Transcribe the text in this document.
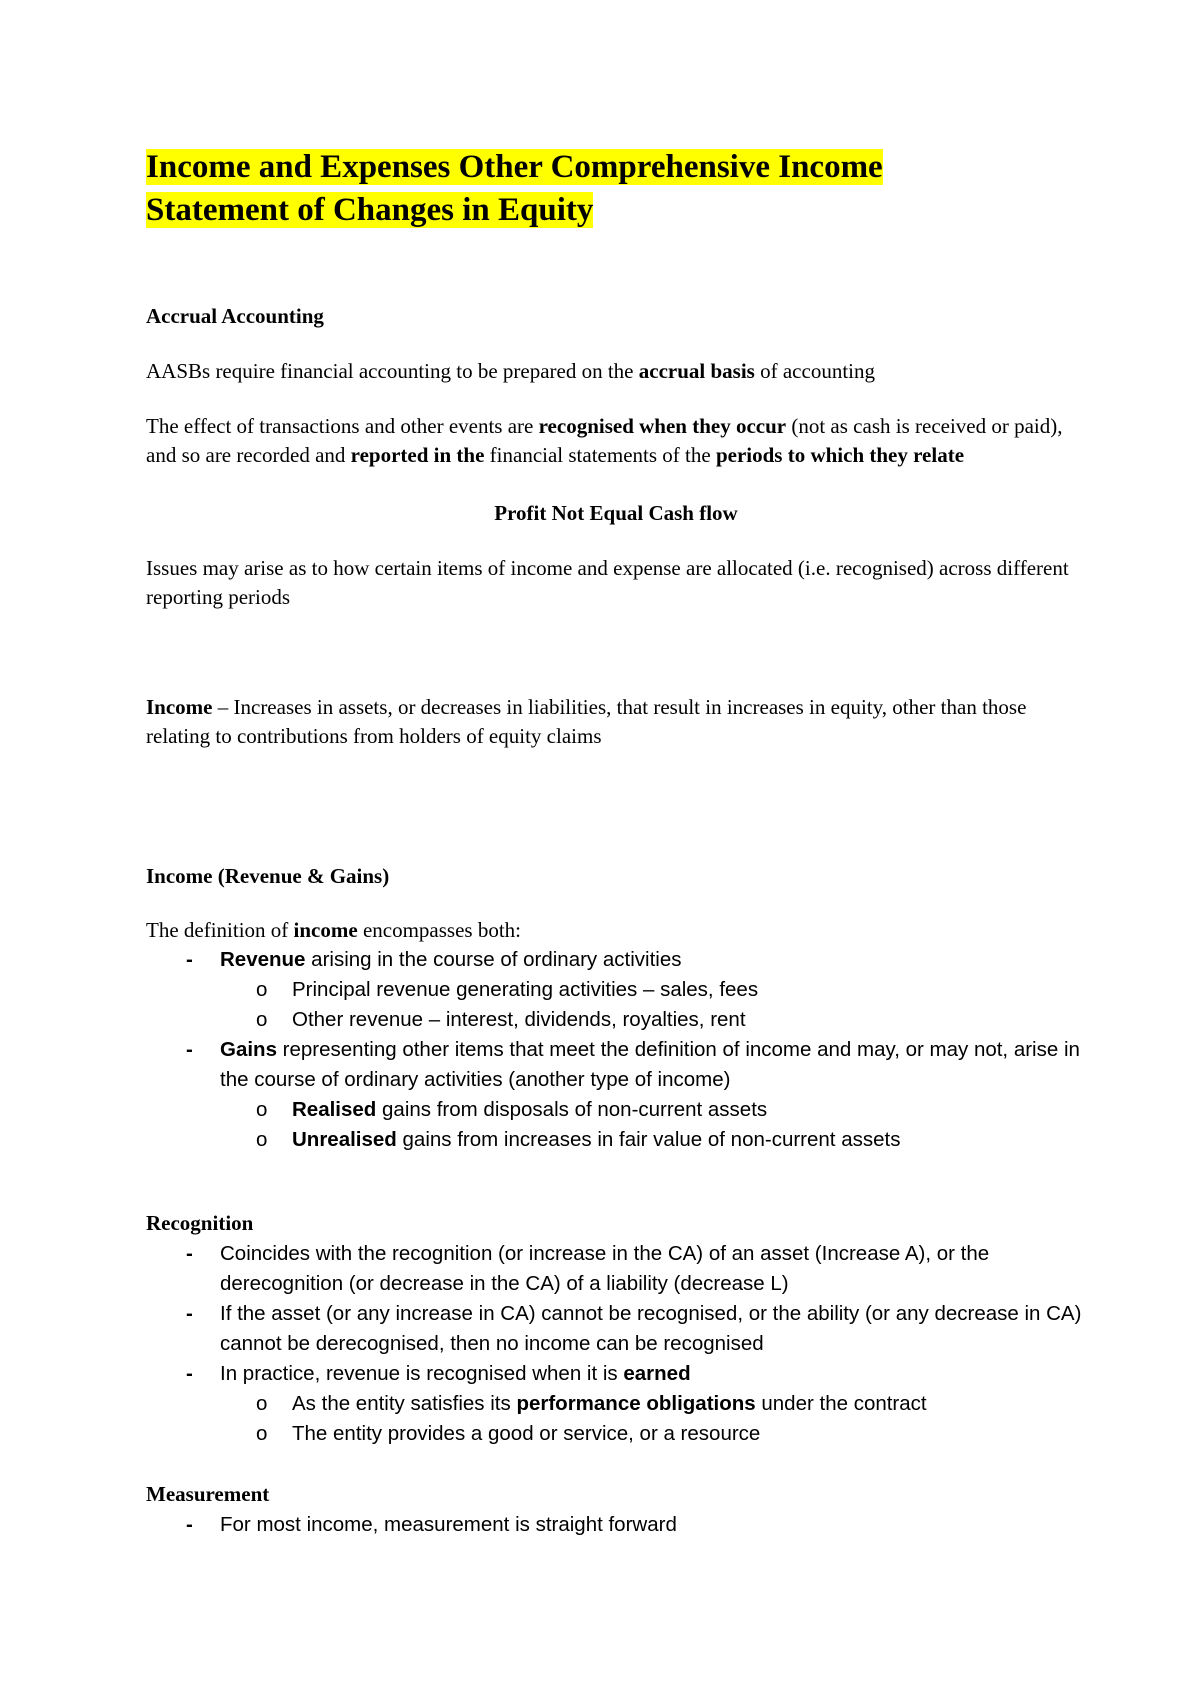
Income and Expenses Other Comprehensive Income
Statement of Changes in Equity
Accrual Accounting
AASBs require financial accounting to be prepared on the accrual basis of accounting
The effect of transactions and other events are recognised when they occur (not as cash is received or paid), and so are recorded and reported in the financial statements of the periods to which they relate
Profit Not Equal Cash flow
Issues may arise as to how certain items of income and expense are allocated (i.e. recognised) across different reporting periods
Income – Increases in assets, or decreases in liabilities, that result in increases in equity, other than those relating to contributions from holders of equity claims
Income (Revenue & Gains)
The definition of income encompasses both:
- Revenue arising in the course of ordinary activities
o Principal revenue generating activities – sales, fees
o Other revenue – interest, dividends, royalties, rent
- Gains representing other items that meet the definition of income and may, or may not, arise in the course of ordinary activities (another type of income)
o Realised gains from disposals of non-current assets
o Unrealised gains from increases in fair value of non-current assets
Recognition
- Coincides with the recognition (or increase in the CA) of an asset (Increase A), or the derecognition (or decrease in the CA) of a liability (decrease L)
- If the asset (or any increase in CA) cannot be recognised, or the ability (or any decrease in CA) cannot be derecognised, then no income can be recognised
- In practice, revenue is recognised when it is earned
o As the entity satisfies its performance obligations under the contract
o The entity provides a good or service, or a resource
Measurement
- For most income, measurement is straight forward
